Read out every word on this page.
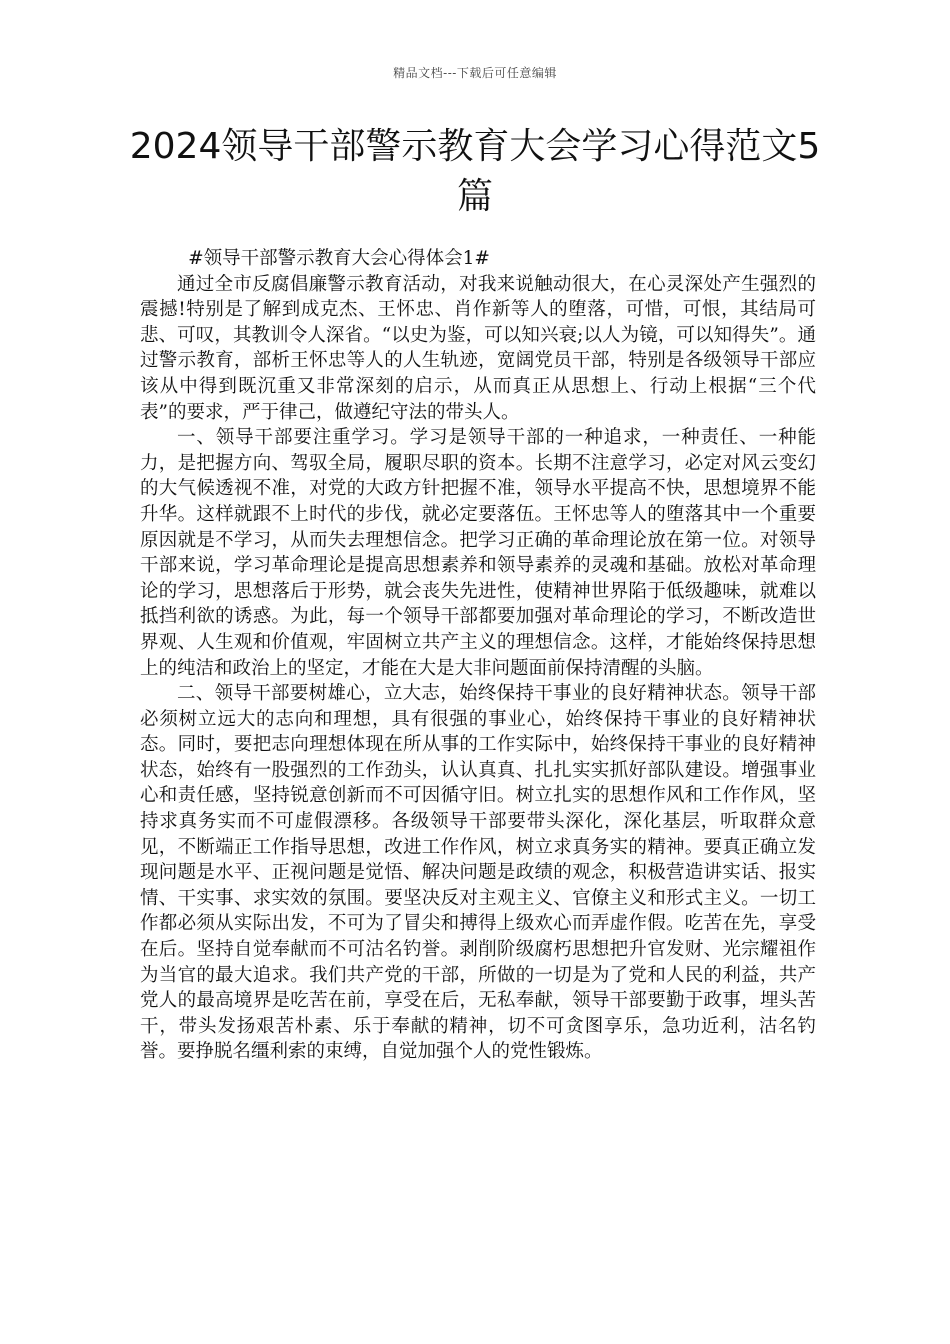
精品文档---下载后可任意编辑
2024领导干部警示教育大会学习心得范文5篇

#领导干部警示教育大会心得体会1#

通过全市反腐倡廉警示教育活动，对我来说触动很大，在心灵深处产生强烈的震撼!特别是了解到成克杰、王怀忠、肖作新等人的堕落，可惜，可恨，其结局可悲、可叹，其教训令人深省。“以史为鉴，可以知兴衰;以人为镜，可以知得失”。通过警示教育，部析王怀忠等人的人生轨迹，宽阔党员干部，特别是各级领导干部应该从中得到既沉重又非常深刻的启示，从而真正从思想上、行动上根据“三个代表”的要求，严于律己，做遵纪守法的带头人。

一、领导干部要注重学习。学习是领导干部的一种追求，一种责任、一种能力，是把握方向、驾驭全局，履职尽职的资本。长期不注意学习，必定对风云变幻的大气候透视不准，对党的大政方针把握不准，领导水平提高不快，思想境界不能升华。这样就跟不上时代的步伐，就必定要落伍。王怀忠等人的堕落其中一个重要原因就是不学习，从而失去理想信念。把学习正确的革命理论放在第一位。对领导干部来说，学习革命理论是提高思想素养和领导素养的灵魂和基础。放松对革命理论的学习，思想落后于形势，就会丧失先进性，使精神世界陷于低级趣味，就难以抵挡利欲的诱惑。为此，每一个领导干部都要加强对革命理论的学习，不断改造世界观、人生观和价值观，牢固树立共产主义的理想信念。这样，才能始终保持思想上的纯洁和政治上的坚定，才能在大是大非问题面前保持清醒的头脑。

二、领导干部要树雄心，立大志，始终保持干事业的良好精神状态。领导干部必须树立远大的志向和理想，具有很强的事业心，始终保持干事业的良好精神状态。同时，要把志向理想体现在所从事的工作实际中，始终保持干事业的良好精神状态，始终有一股强烈的工作劲头，认认真真、扎扎实实抓好部队建设。增强事业心和责任感，坚持锐意创新而不可因循守旧。树立扎实的思想作风和工作作风，坚持求真务实而不可虚假漂移。各级领导干部要带头深化，深化基层，听取群众意见，不断端正工作指导思想，改进工作作风，树立求真务实的精神。要真正确立发现问题是水平、正视问题是觉悟、解决问题是政绩的观念，积极营造讲实话、报实情、干实事、求实效的氛围。要坚决反对主观主义、官僚主义和形式主义。一切工作都必须从实际出发，不可为了冒尖和搏得上级欢心而弄虚作假。吃苦在先，享受在后。坚持自觉奉献而不可沽名钓誉。剥削阶级腐朽思想把升官发财、光宗耀祖作为当官的最大追求。我们共产党的干部，所做的一切是为了党和人民的利益，共产党人的最高境界是吃苦在前，享受在后，无私奉献，领导干部要勤于政事，埋头苦干，带头发扬艰苦朴素、乐于奉献的精神，切不可贪图享乐，急功近利，沽名钓誉。要挣脱名缰利索的束缚，自觉加强个人的党性锻炼。
